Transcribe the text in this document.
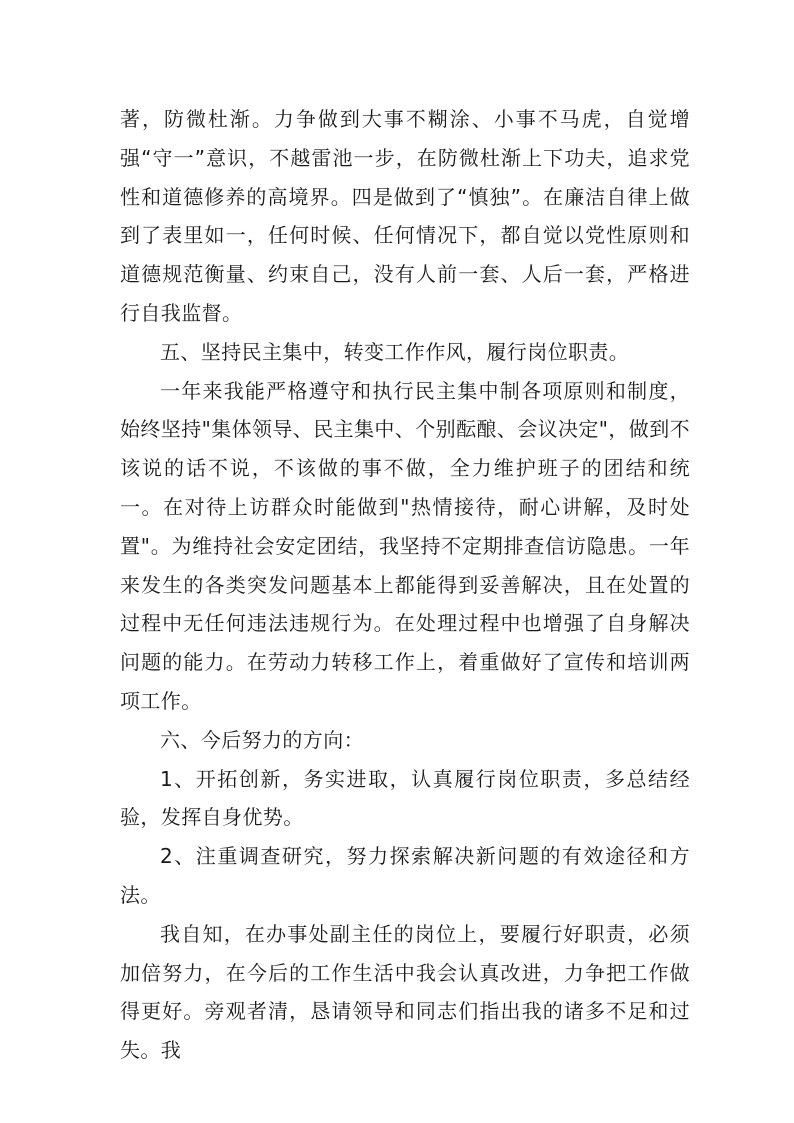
著，防微杜渐。力争做到大事不糊涂、小事不马虎，自觉增强“守一”意识，不越雷池一步，在防微杜渐上下功夫，追求党性和道德修养的高境界。四是做到了“慎独”。在廉洁自律上做到了表里如一，任何时候、任何情况下，都自觉以党性原则和道德规范衡量、约束自己，没有人前一套、人后一套，严格进行自我监督。

五、坚持民主集中，转变工作作风，履行岗位职责。

一年来我能严格遵守和执行民主集中制各项原则和制度，始终坚持"集体领导、民主集中、个别酝酿、会议决定"，做到不该说的话不说，不该做的事不做，全力维护班子的团结和统一。在对待上访群众时能做到"热情接待，耐心讲解，及时处置"。为维持社会安定团结，我坚持不定期排查信访隐患。一年来发生的各类突发问题基本上都能得到妥善解决，且在处置的过程中无任何违法违规行为。在处理过程中也增强了自身解决问题的能力。在劳动力转移工作上，着重做好了宣传和培训两项工作。

六、今后努力的方向：

1、开拓创新，务实进取，认真履行岗位职责，多总结经验，发挥自身优势。

2、注重调查研究，努力探索解决新问题的有效途径和方法。

我自知，在办事处副主任的岗位上，要履行好职责，必须加倍努力，在今后的工作生活中我会认真改进，力争把工作做得更好。旁观者清，恳请领导和同志们指出我的诸多不足和过失。我
